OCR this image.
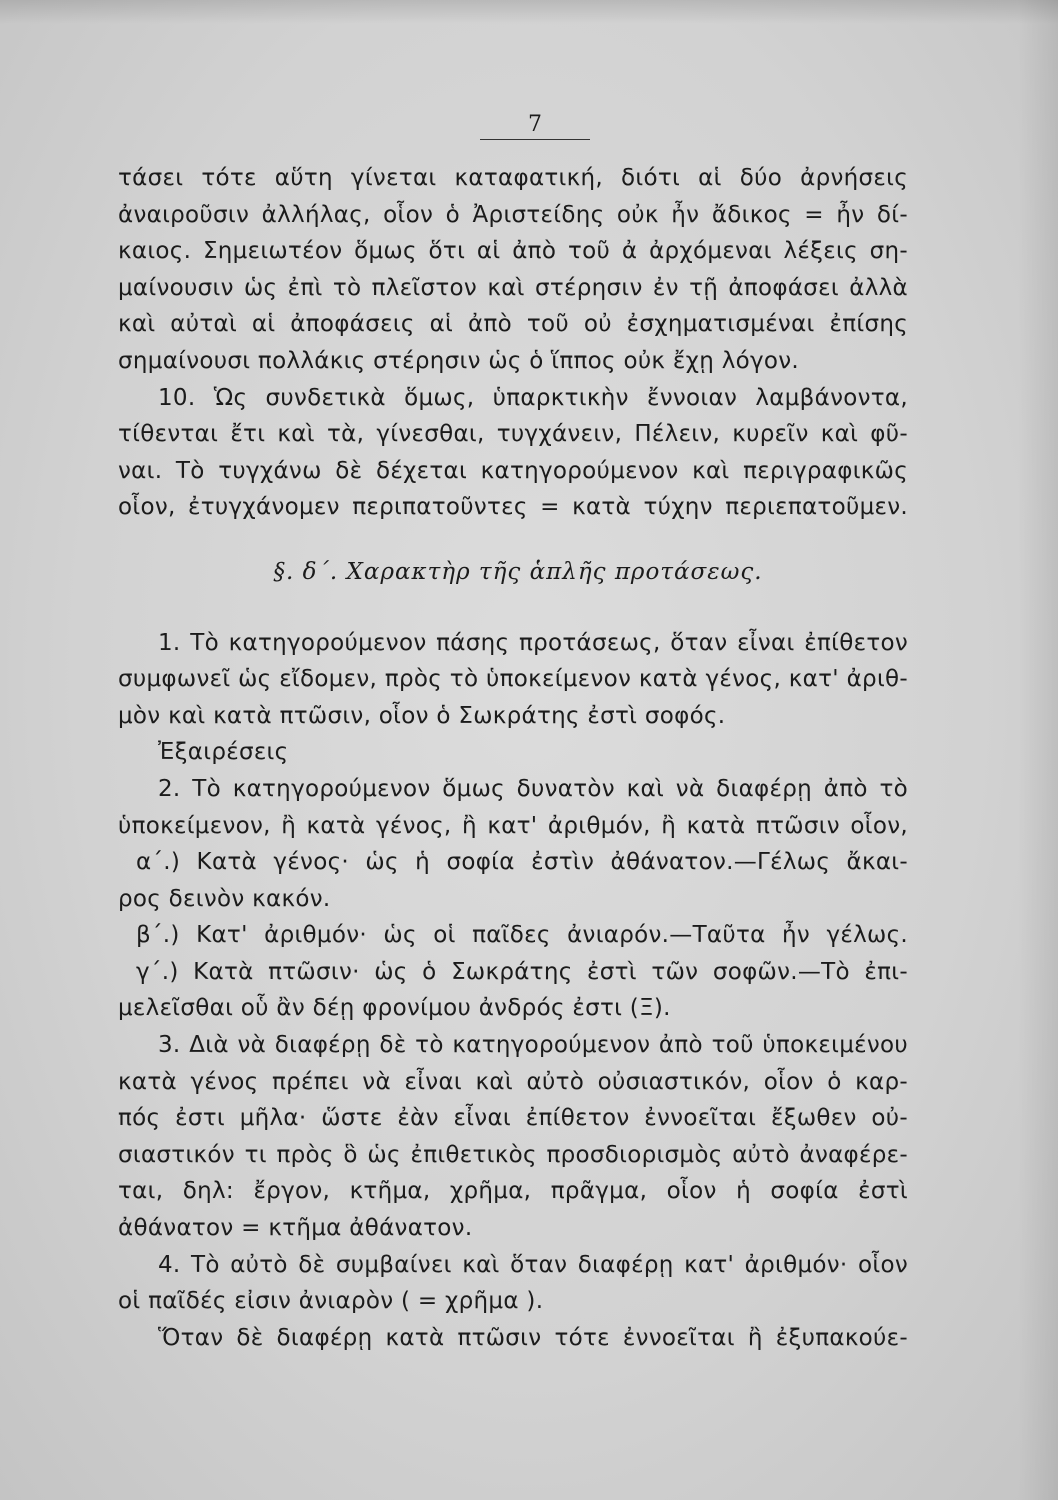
7
τάσει τότε αὕτη γίνεται καταφατική, διότι αἱ δύο ἀρνήσεις
ἀναιροῦσιν ἀλλήλας, οἷον ὁ Ἀριστείδης οὐκ ἦν ἄδικος = ἦν δί-
καιος. Σημειωτέον ὅμως ὅτι αἱ ἀπὸ τοῦ ἀ ἀρχόμεναι λέξεις ση-
μαίνουσιν ὡς ἐπὶ τὸ πλεῖστον καὶ στέρησιν ἐν τῇ ἀποφάσει ἀλλὰ
καὶ αὐταὶ αἱ ἀποφάσεις αἱ ἀπὸ τοῦ οὐ ἐσχηματισμέναι ἐπίσης
σημαίνουσι πολλάκις στέρησιν ὡς ὁ ἵππος οὐκ ἔχῃ λόγον.
10. Ὡς συνδετικὰ ὅμως, ὑπαρκτικὴν ἔννοιαν λαμβάνοντα,
τίθενται ἔτι καὶ τὰ, γίνεσθαι, τυγχάνειν, Πέλειν, κυρεῖν καὶ φῦ-
ναι. Τὸ τυγχάνω δὲ δέχεται κατηγορούμενον καὶ περιγραφικῶς
οἷον, ἐτυγχάνομεν περιπατοῦντες = κατὰ τύχην περιεπατοῦμεν.
§. δ΄. Χαρακτὴρ τῆς ἁπλῆς προτάσεως.
1. Τὸ κατηγορούμενον πάσης προτάσεως, ὅταν εἶναι ἐπίθετον
συμφωνεῖ ὡς εἴδομεν, πρὸς τὸ ὑποκείμενον κατὰ γένος, κατ' ἀριθ-
μὸν καὶ κατὰ πτῶσιν, οἷον ὁ Σωκράτης ἐστὶ σοφός.
Ἐξαιρέσεις
2. Τὸ κατηγορούμενον ὅμως δυνατὸν καὶ νὰ διαφέρῃ ἀπὸ τὸ
ὑποκείμενον, ἢ κατὰ γένος, ἢ κατ' ἀριθμόν, ἢ κατὰ πτῶσιν οἷον,
α΄.) Κατὰ γένος· ὡς ἡ σοφία ἐστὶν ἀθάνατον.—Γέλως ἄκαι-
ρος δεινὸν κακόν.
β΄.) Κατ' ἀριθμόν· ὡς οἱ παῖδες ἀνιαρόν.—Ταῦτα ἦν γέλως.
γ΄.) Κατὰ πτῶσιν· ὡς ὁ Σωκράτης ἐστὶ τῶν σοφῶν.—Τὸ ἐπι-
μελεῖσθαι οὗ ἂν δέῃ φρονίμου ἀνδρός ἐστι (Ξ).
3. Διὰ νὰ διαφέρῃ δὲ τὸ κατηγορούμενον ἀπὸ τοῦ ὑποκειμένου
κατὰ γένος πρέπει νὰ εἶναι καὶ αὐτὸ οὐσιαστικόν, οἷον ὁ καρ-
πός ἐστι μῆλα· ὥστε ἐὰν εἶναι ἐπίθετον ἐννοεῖται ἔξωθεν οὐ-
σιαστικόν τι πρὸς ὃ ὡς ἐπιθετικὸς προσδιορισμὸς αὐτὸ ἀναφέρε-
ται, δηλ: ἔργον, κτῆμα, χρῆμα, πρᾶγμα, οἷον ἡ σοφία ἐστὶ
ἀθάνατον = κτῆμα ἀθάνατον.
4. Τὸ αὐτὸ δὲ συμβαίνει καὶ ὅταν διαφέρῃ κατ' ἀριθμόν· οἷον
οἱ παῖδές εἰσιν ἀνιαρὸν ( = χρῆμα ).
Ὅταν δὲ διαφέρῃ κατὰ πτῶσιν τότε ἐννοεῖται ἢ ἐξυπακούε-
